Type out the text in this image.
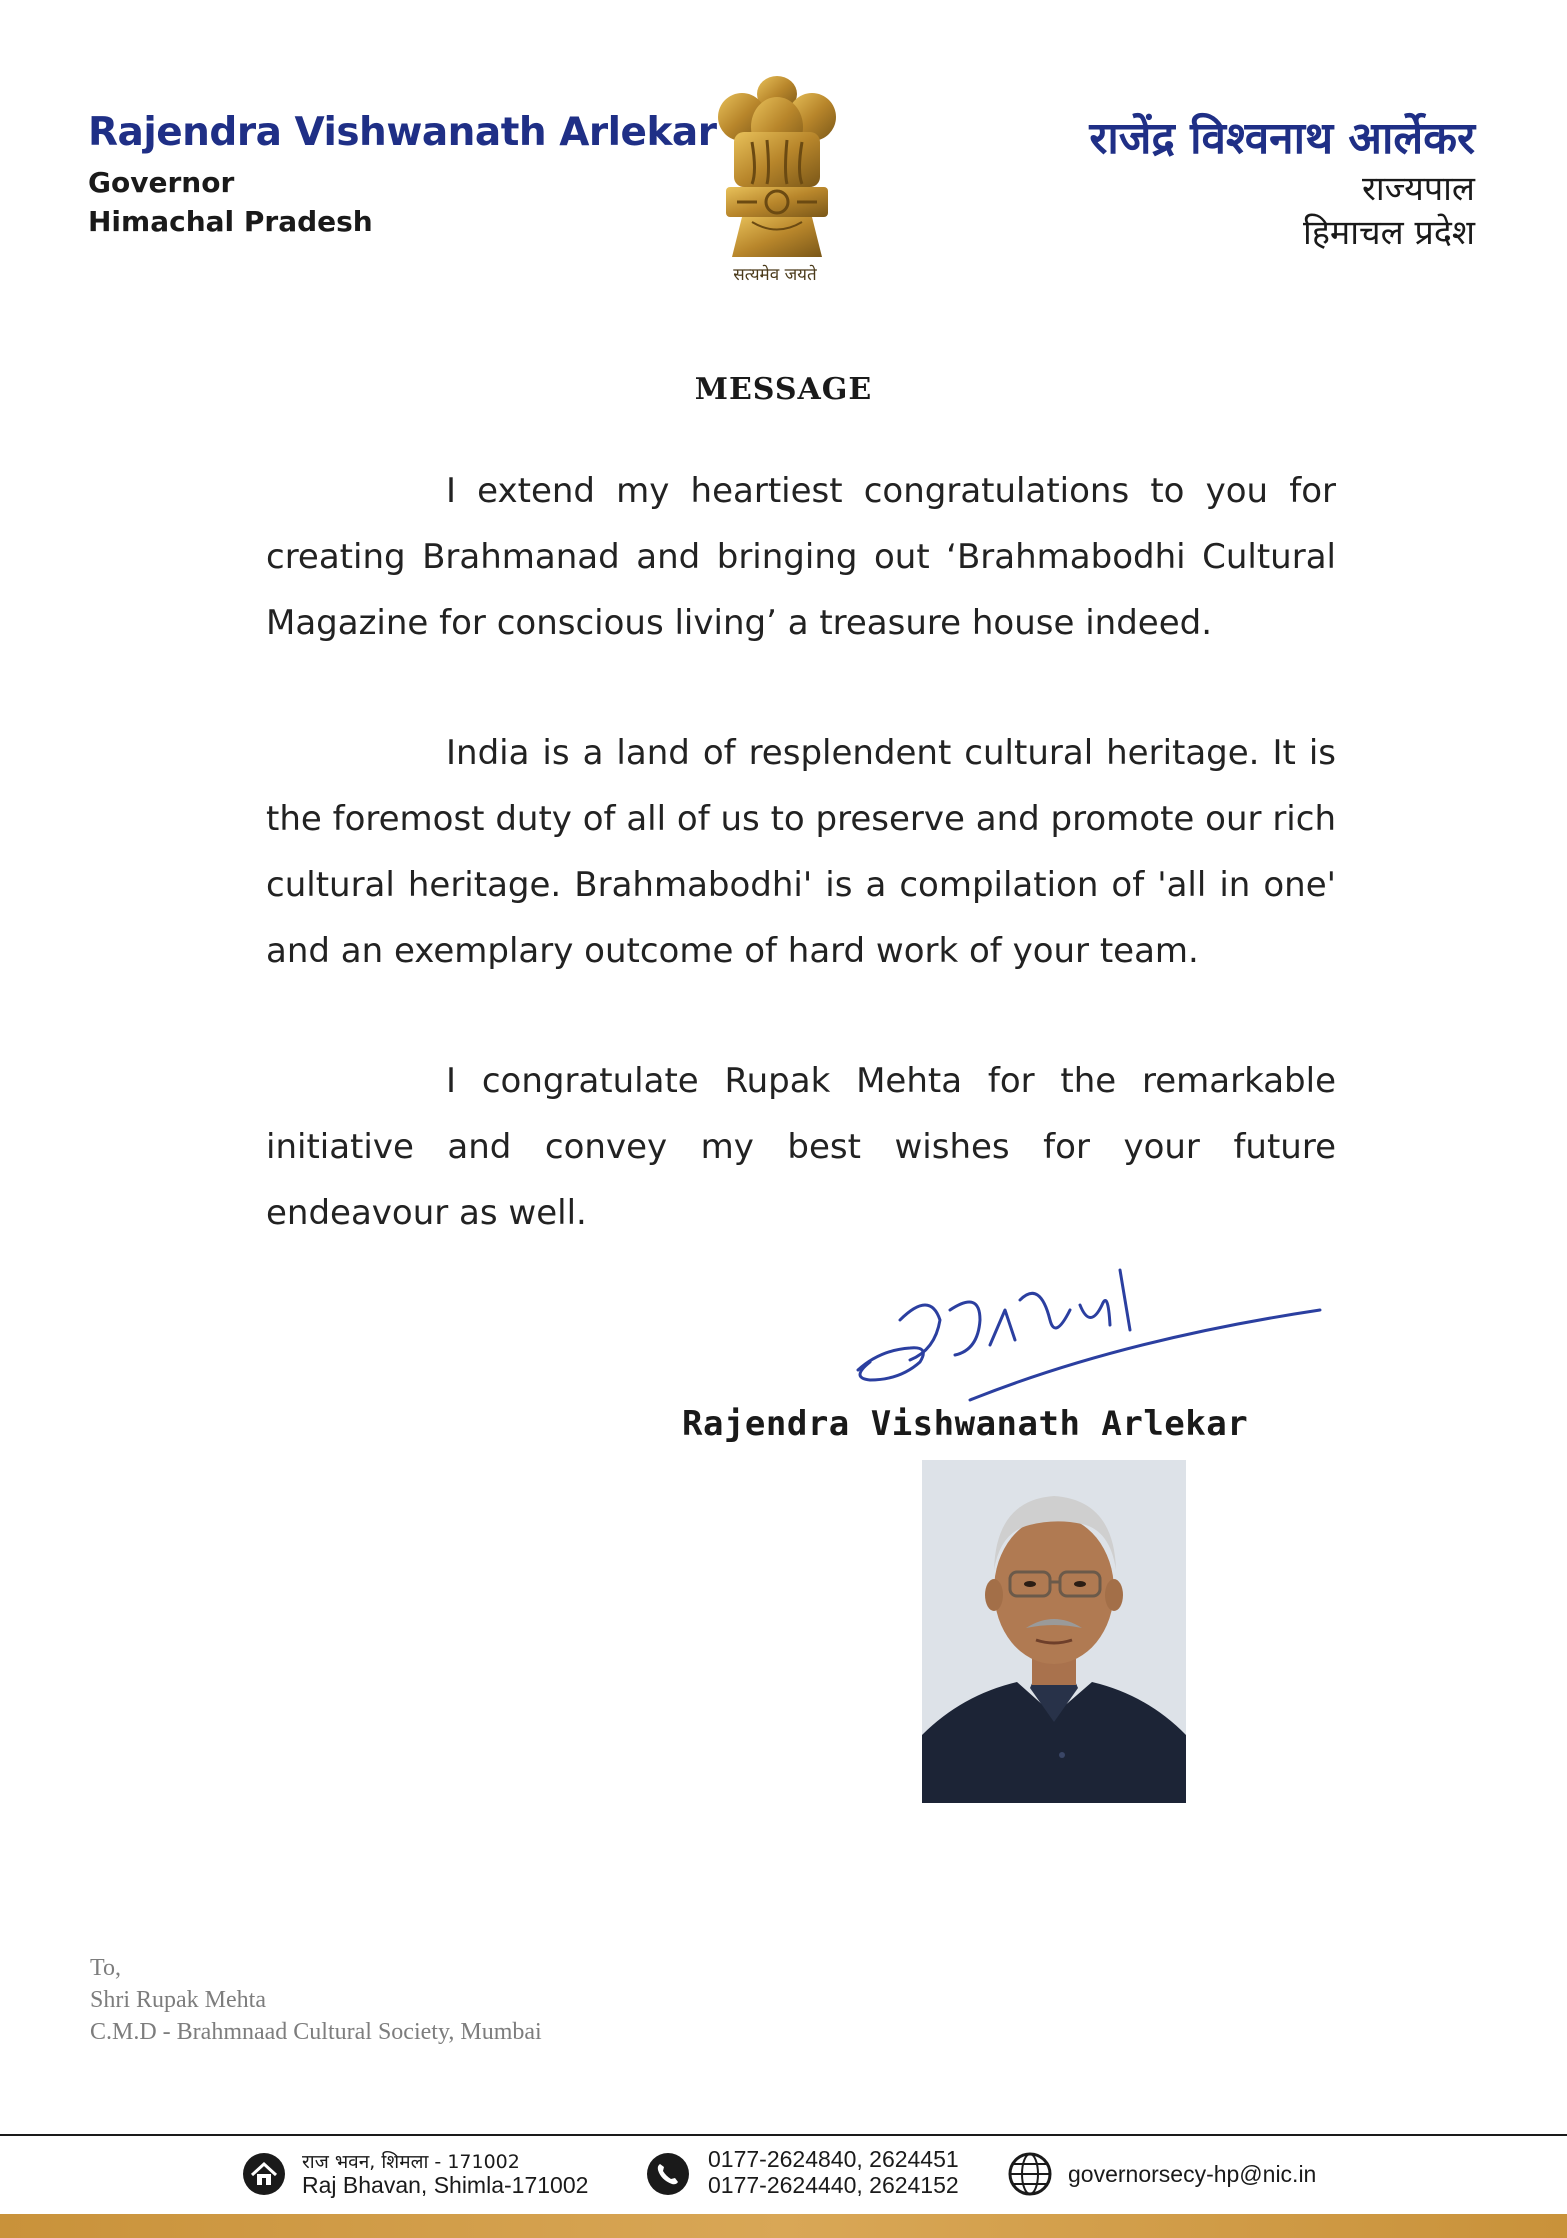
Rajendra Vishwanath Arlekar
Governor
Himachal Pradesh
सत्यमेव जयते
राजेंद्र विश्वनाथ आर्लेकर
राज्यपाल
हिमाचल प्रदेश
MESSAGE
I extend my heartiest congratulations to you for creating Brahmanad and bringing out ‘Brahmabodhi Cultural Magazine for conscious living’ a treasure house indeed.
India is a land of resplendent cultural heritage. It is the foremost duty of all of us to preserve and promote our rich cultural heritage. Brahmabodhi' is a compilation of 'all in one' and an exemplary outcome of hard work of your team.
I congratulate Rupak Mehta for the remarkable initiative and convey my best wishes for your future endeavour as well.
Rajendra Vishwanath Arlekar
To,
Shri Rupak Mehta
C.M.D - Brahmnaad Cultural Society, Mumbai
राज भवन, शिमला - 171002
Raj Bhavan, Shimla-171002
0177-2624840, 2624451
0177-2624440, 2624152	governorsecy-hp@nic.in
